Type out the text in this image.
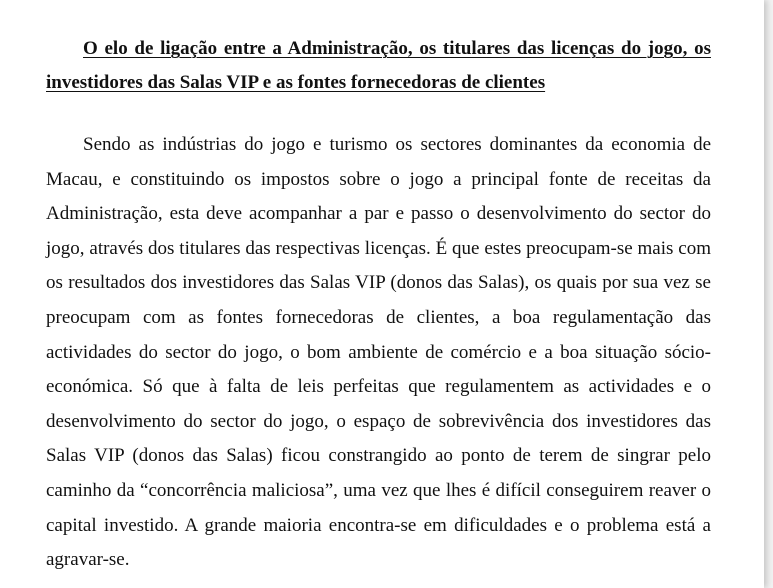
O elo de ligação entre a Administração, os titulares das licenças do jogo, os investidores das Salas VIP e as fontes fornecedoras de clientes

Sendo as indústrias do jogo e turismo os sectores dominantes da economia de Macau, e constituindo os impostos sobre o jogo a principal fonte de receitas da Administração, esta deve acompanhar a par e passo o desenvolvimento do sector do jogo, através dos titulares das respectivas licenças. É que estes preocupam-se mais com os resultados dos investidores das Salas VIP (donos das Salas), os quais por sua vez se preocupam com as fontes fornecedoras de clientes, a boa regulamentação das actividades do sector do jogo, o bom ambiente de comércio e a boa situação sócio-económica. Só que à falta de leis perfeitas que regulamentem as actividades e o desenvolvimento do sector do jogo, o espaço de sobrevivência dos investidores das Salas VIP (donos das Salas) ficou constrangido ao ponto de terem de singrar pelo caminho da “concorrência maliciosa”, uma vez que lhes é difícil conseguirem reaver o capital investido. A grande maioria encontra-se em dificuldades e o problema está a agravar-se.
